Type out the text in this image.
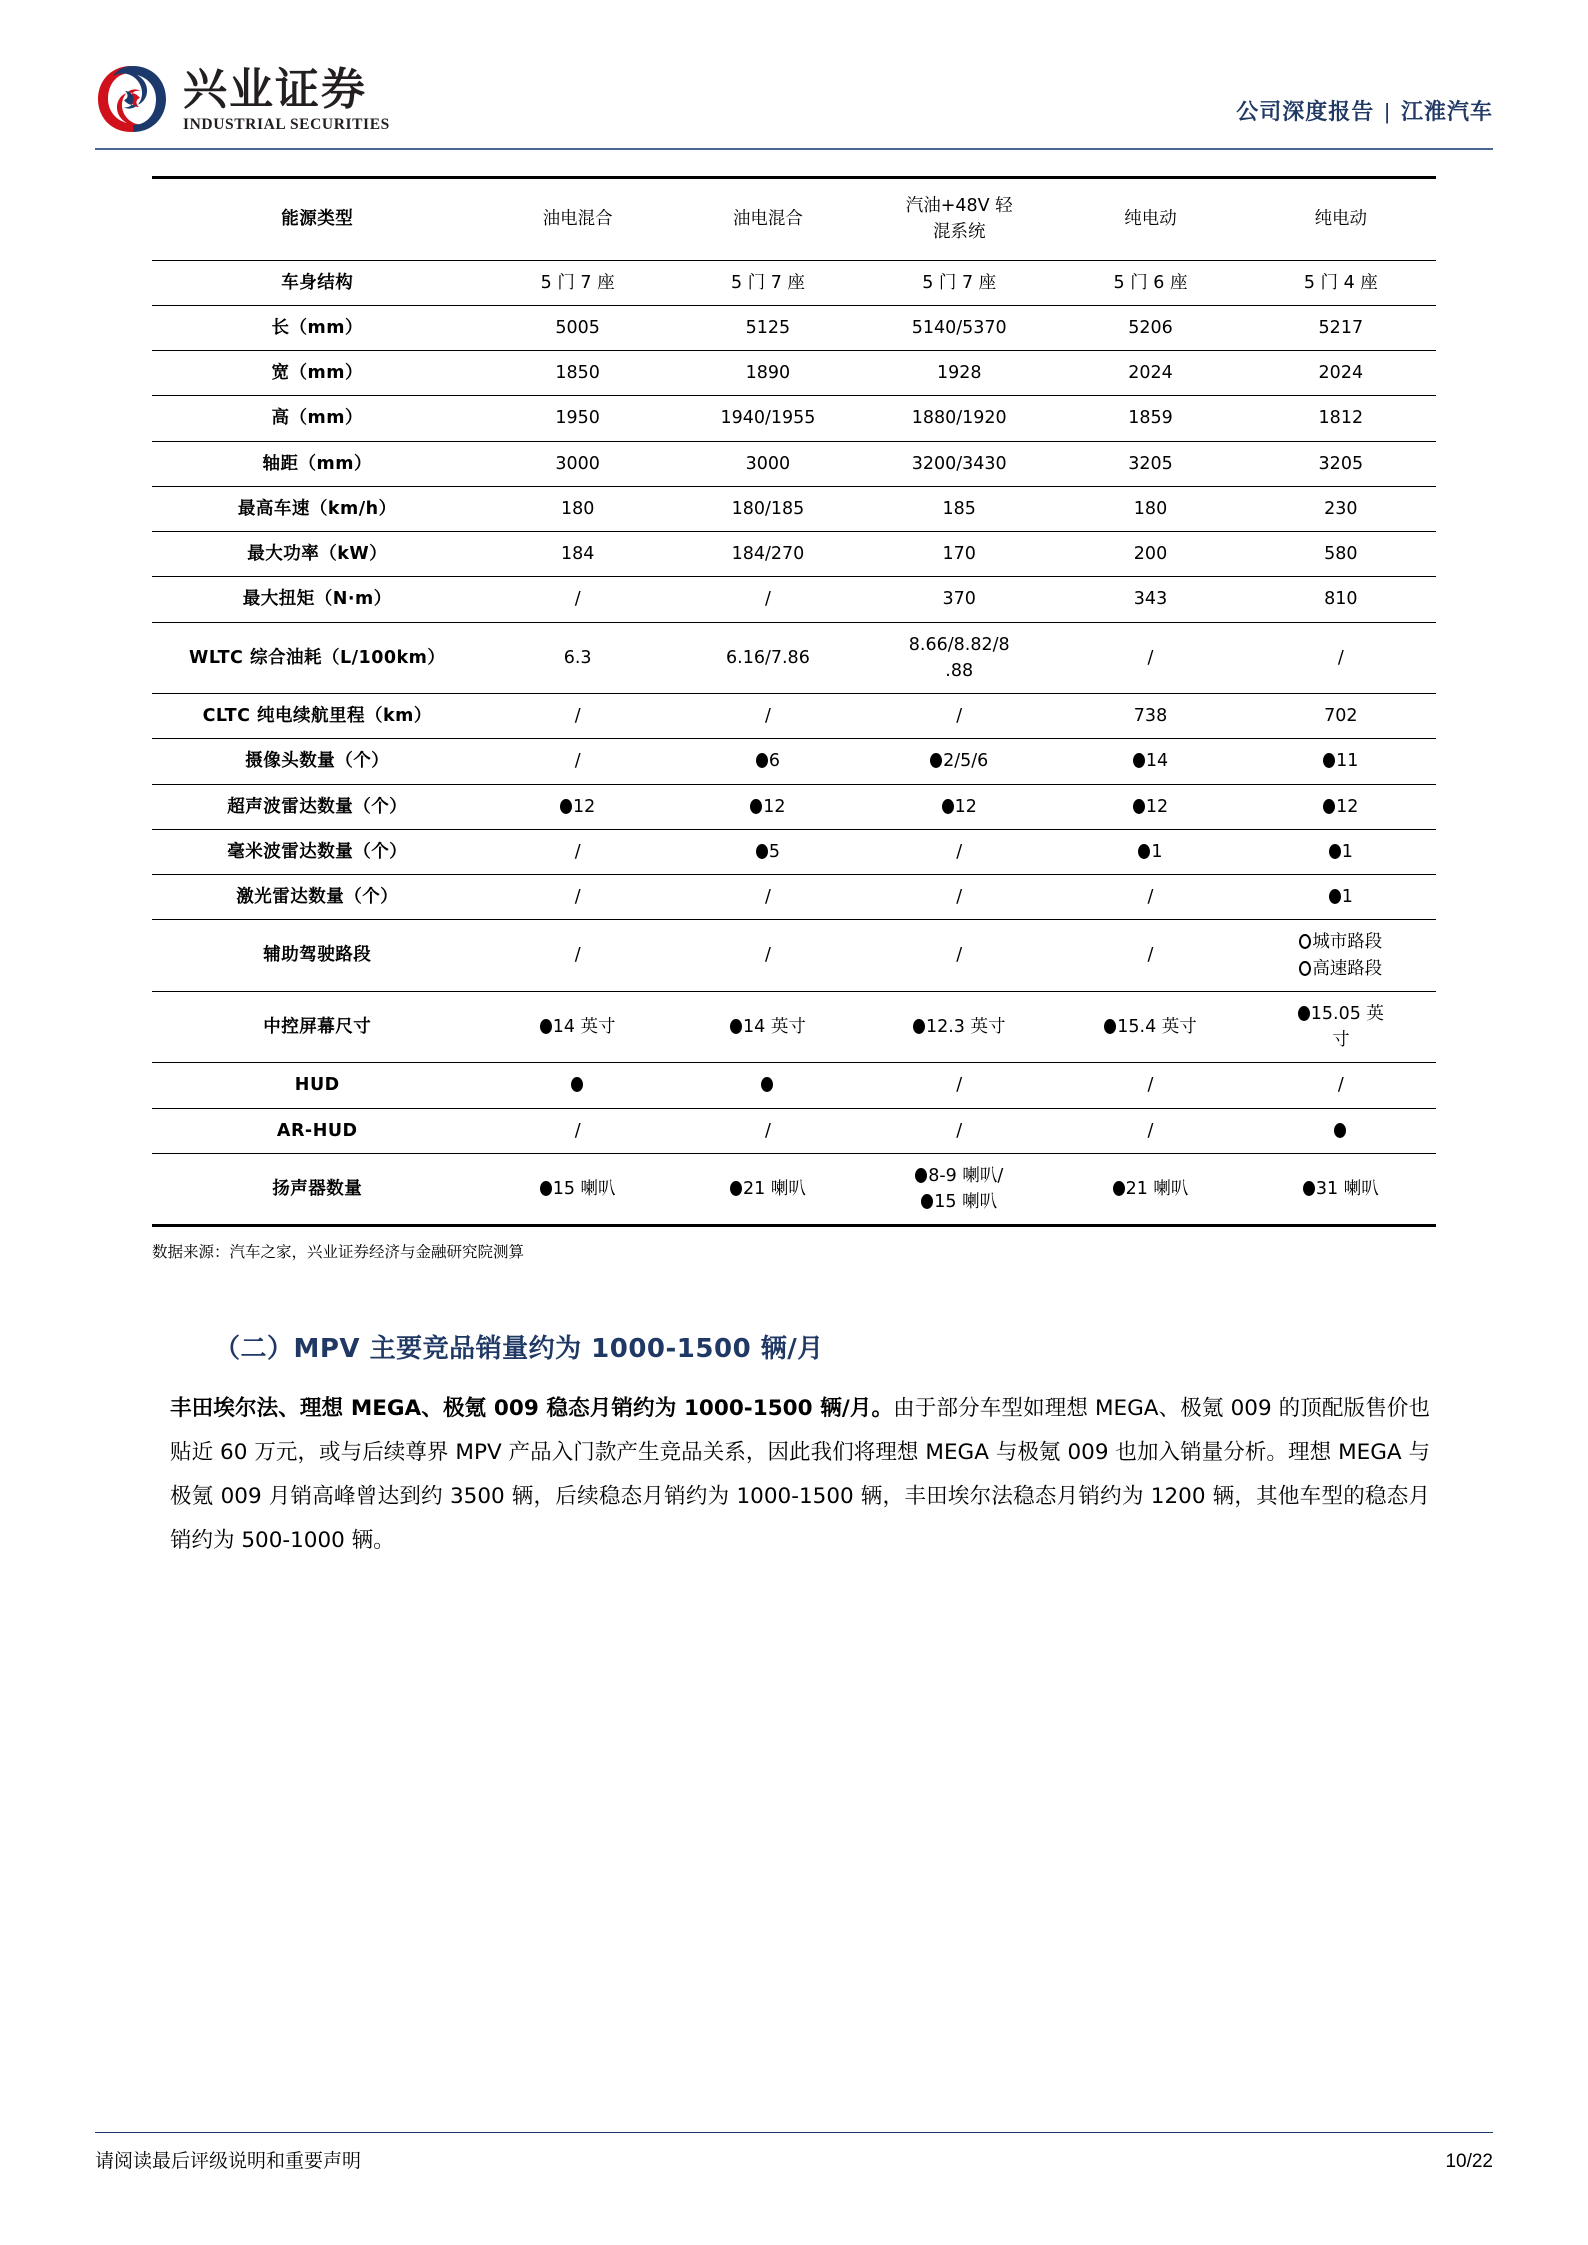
兴业证券
INDUSTRIAL SECURITIES
公司深度报告 | 江淮汽车
能源类型	油电混合	油电混合	汽油+48V 轻
混系统	纯电动	纯电动

车身结构	5 门 7 座	5 门 7 座	5 门 7 座	5 门 6 座	5 门 4 座

长（mm）	5005	5125	5140/5370	5206	5217

宽（mm）	1850	1890	1928	2024	2024

高（mm）	1950	1940/1955	1880/1920	1859	1812

轴距（mm）	3000	3000	3200/3430	3205	3205

最高车速（km/h）	180	180/185	185	180	230

最大功率（kW）	184	184/270	170	200	580

最大扭矩（N·m）	/	/	370	343	810

WLTC 综合油耗（L/100km）	6.3	6.16/7.86	8.66/8.82/8
.88	/	/

CLTC 纯电续航里程（km）	/	/	/	738	702

摄像头数量（个）	/	6	2/5/6	14	11

超声波雷达数量（个）	12	12	12	12	12

毫米波雷达数量（个）	/	5	/	1	1

激光雷达数量（个）	/	/	/	/	1

辅助驾驶路段	/	/	/	/	城市路段
高速路段

中控屏幕尺寸	14 英寸	14 英寸	12.3 英寸	15.4 英寸	15.05 英
寸

HUD			/	/	/

AR-HUD	/	/	/	/	

扬声器数量	15 喇叭	21 喇叭	8-9 喇叭/
15 喇叭	21 喇叭	31 喇叭
数据来源：汽车之家，兴业证券经济与金融研究院测算
（二）MPV 主要竞品销量约为 1000-1500 辆/月

丰田埃尔法、理想 MEGA、极氪 009 稳态月销约为 1000-1500 辆/月。由于部分车型如理想 MEGA、极氪 009 的顶配版售价也贴近 60 万元，或与后续尊界 MPV 产品入门款产生竞品关系，因此我们将理想 MEGA 与极氪 009 也加入销量分析。理想 MEGA 与极氪 009 月销高峰曾达到约 3500 辆，后续稳态月销约为 1000-1500 辆，丰田埃尔法稳态月销约为 1200 辆，其他车型的稳态月销约为 500-1000 辆。

请阅读最后评级说明和重要声明	10/22
